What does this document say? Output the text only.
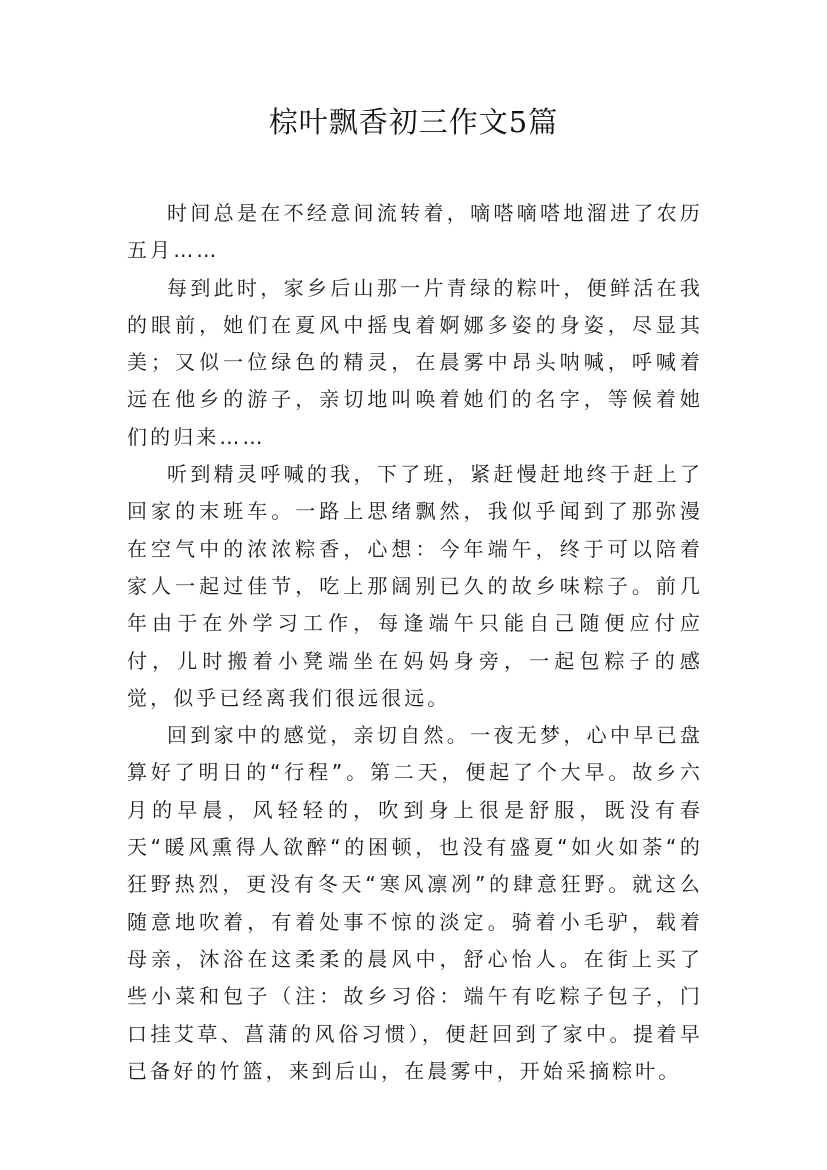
棕叶飘香初三作文5篇

时间总是在不经意间流转着，嘀嗒嘀嗒地溜进了农历五月……

每到此时，家乡后山那一片青绿的粽叶，便鲜活在我的眼前，她们在夏风中摇曳着婀娜多姿的身姿，尽显其美；又似一位绿色的精灵，在晨雾中昂头呐喊，呼喊着远在他乡的游子，亲切地叫唤着她们的名字，等候着她们的归来……

听到精灵呼喊的我，下了班，紧赶慢赶地终于赶上了回家的末班车。一路上思绪飘然，我似乎闻到了那弥漫在空气中的浓浓粽香，心想：今年端午，终于可以陪着家人一起过佳节，吃上那阔别已久的故乡味粽子。前几年由于在外学习工作，每逢端午只能自己随便应付应付，儿时搬着小凳端坐在妈妈身旁，一起包粽子的感觉，似乎已经离我们很远很远。

回到家中的感觉，亲切自然。一夜无梦，心中早已盘算好了明日的“行程”。第二天，便起了个大早。故乡六月的早晨，风轻轻的，吹到身上很是舒服，既没有春天“暖风熏得人欲醉“的困顿，也没有盛夏“如火如荼“的狂野热烈，更没有冬天“寒风凛冽”的肆意狂野。就这么随意地吹着，有着处事不惊的淡定。骑着小毛驴，载着母亲，沐浴在这柔柔的晨风中，舒心怡人。在街上买了些小菜和包子（注：故乡习俗：端午有吃粽子包子，门口挂艾草、菖蒲的风俗习惯），便赶回到了家中。提着早已备好的竹篮，来到后山，在晨雾中，开始采摘粽叶。
